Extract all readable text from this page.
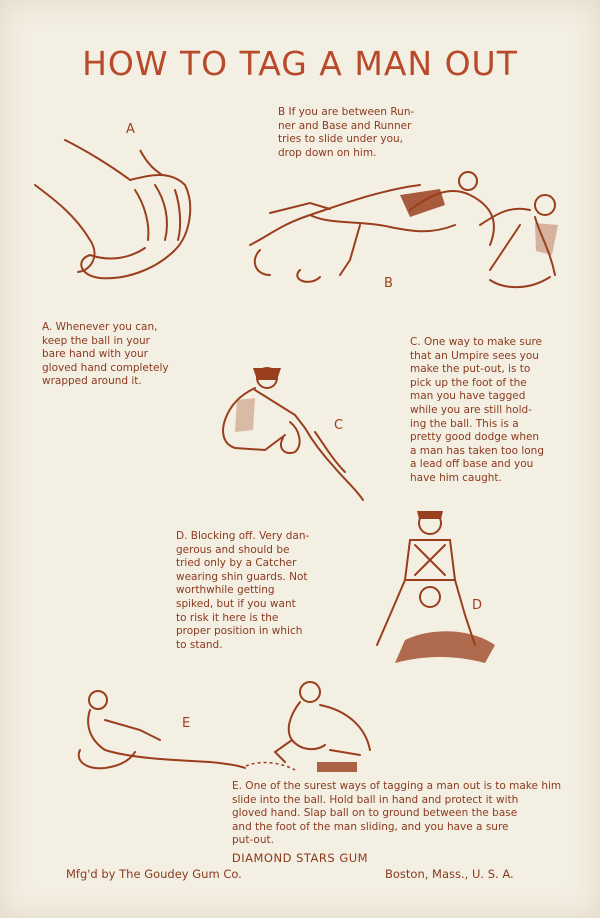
HOW TO TAG A MAN OUT
B If you are between Run-
ner and Base and Runner
tries to slide under you,
drop down on him.
B
A
A. Whenever you can,
keep the ball in your
bare hand with your
gloved hand completely
wrapped around it.
C
C. One way to make sure
that an Umpire sees you
make the put-out, is to
pick up the foot of the
man you have tagged
while you are still hold-
ing the ball. This is a
pretty good dodge when
a man has taken too long
a lead off base and you
have him caught.
D. Blocking off. Very dan-
gerous and should be
tried only by a Catcher
wearing shin guards. Not
worthwhile getting
spiked, but if you want
to risk it here is the
proper position in which
to stand.
D
E
E. One of the surest ways of tagging a man out is to make him
slide into the ball. Hold ball in hand and protect it with
gloved hand. Slap ball on to ground between the base
and the foot of the man sliding, and you have a sure
put-out.
DIAMOND STARS GUM
Mfg'd by The Goudey Gum Co.	Boston, Mass., U. S. A.
